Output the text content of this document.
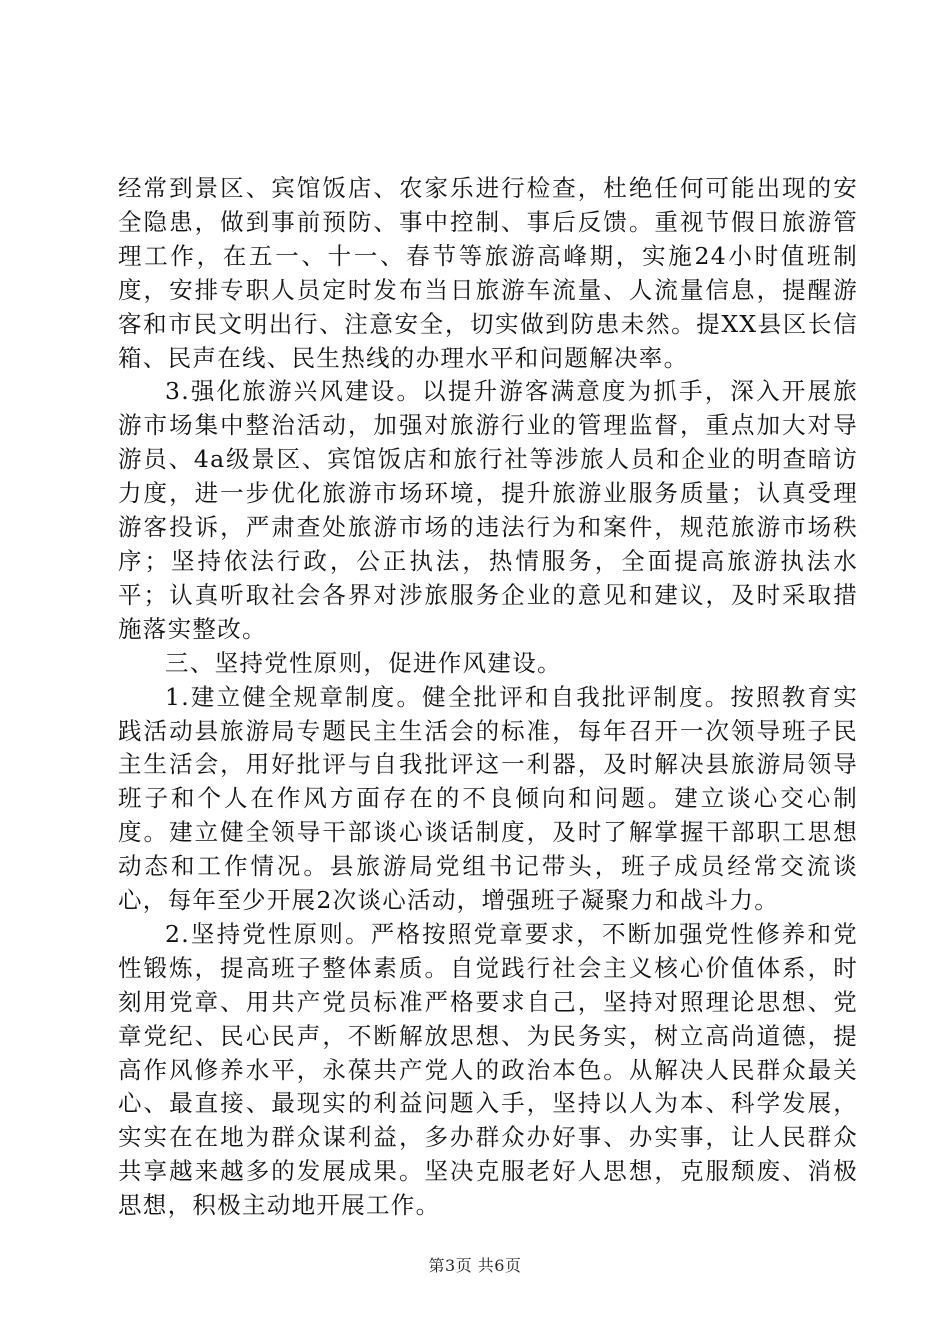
经常到景区、宾馆饭店、农家乐进行检查，杜绝任何可能出现的安全隐患，做到事前预防、事中控制、事后反馈。重视节假日旅游管理工作，在五一、十一、春节等旅游高峰期，实施24小时值班制度，安排专职人员定时发布当日旅游车流量、人流量信息，提醒游客和市民文明出行、注意安全，切实做到防患未然。提XX县区长信箱、民声在线、民生热线的办理水平和问题解决率。

3.强化旅游兴风建设。以提升游客满意度为抓手，深入开展旅游市场集中整治活动，加强对旅游行业的管理监督，重点加大对导游员、4a级景区、宾馆饭店和旅行社等涉旅人员和企业的明查暗访力度，进一步优化旅游市场环境，提升旅游业服务质量；认真受理游客投诉，严肃查处旅游市场的违法行为和案件，规范旅游市场秩序；坚持依法行政，公正执法，热情服务，全面提高旅游执法水平；认真听取社会各界对涉旅服务企业的意见和建议，及时采取措施落实整改。

三、坚持党性原则，促进作风建设。

1.建立健全规章制度。健全批评和自我批评制度。按照教育实践活动县旅游局专题民主生活会的标准，每年召开一次领导班子民主生活会，用好批评与自我批评这一利器，及时解决县旅游局领导班子和个人在作风方面存在的不良倾向和问题。建立谈心交心制度。建立健全领导干部谈心谈话制度，及时了解掌握干部职工思想动态和工作情况。县旅游局党组书记带头，班子成员经常交流谈心，每年至少开展2次谈心活动，增强班子凝聚力和战斗力。

2.坚持党性原则。严格按照党章要求，不断加强党性修养和党性锻炼，提高班子整体素质。自觉践行社会主义核心价值体系，时刻用党章、用共产党员标准严格要求自己，坚持对照理论思想、党章党纪、民心民声，不断解放思想、为民务实，树立高尚道德，提高作风修养水平，永葆共产党人的政治本色。从解决人民群众最关心、最直接、最现实的利益问题入手，坚持以人为本、科学发展，实实在在地为群众谋利益，多办群众办好事、办实事，让人民群众共享越来越多的发展成果。坚决克服老好人思想，克服颓废、消极思想，积极主动地开展工作。

第3页 共6页
